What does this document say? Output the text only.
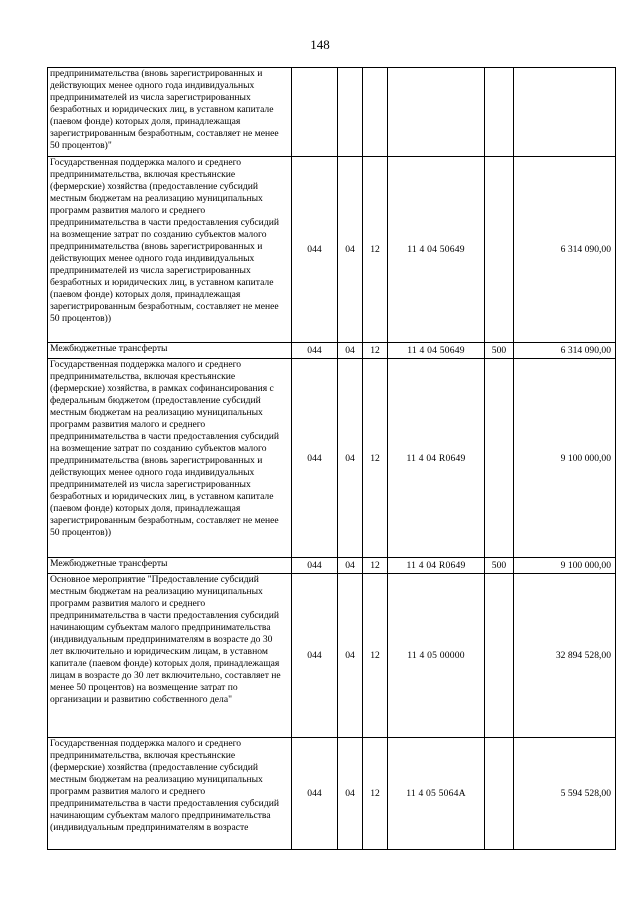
148
предпринимательства (вновь зарегистрированных и действующих менее одного года индивидуальных предпринимателей из числа зарегистрированных безработных и юридических лиц, в уставном капитале (паевом фонде) которых доля, принадлежащая зарегистрированным безработным, составляет не менее 50 процентов)"						
Государственная поддержка малого и среднего предпринимательства, включая крестьянские (фермерские) хозяйства (предоставление субсидий местным бюджетам на реализацию муниципальных программ развития малого и среднего предпринимательства в части предоставления субсидий на возмещение затрат по созданию субъектов малого предпринимательства (вновь зарегистрированных и действующих менее одного года индивидуальных предпринимателей из числа зарегистрированных безработных и юридических лиц, в уставном капитале (паевом фонде) которых доля, принадлежащая зарегистрированным безработным, составляет не менее 50 процентов))	044	04	12	11 4 04 50649		6 314 090,00
Межбюджетные трансферты	044	04	12	11 4 04 50649	500	6 314 090,00
Государственная поддержка малого и среднего предпринимательства, включая крестьянские (фермерские) хозяйства, в рамках софинансирования с федеральным бюджетом (предоставление субсидий местным бюджетам на реализацию муниципальных программ развития малого и среднего предпринимательства в части предоставления субсидий на возмещение затрат по созданию субъектов малого предпринимательства (вновь зарегистрированных и действующих менее одного года индивидуальных предпринимателей из числа зарегистрированных безработных и юридических лиц, в уставном капитале (паевом фонде) которых доля, принадлежащая зарегистрированным безработным, составляет не менее 50 процентов))	044	04	12	11 4 04 R0649		9 100 000,00
Межбюджетные трансферты	044	04	12	11 4 04 R0649	500	9 100 000,00
Основное мероприятие "Предоставление субсидий местным бюджетам на реализацию муниципальных программ развития малого и среднего предпринимательства в части предоставления субсидий начинающим субъектам малого предпринимательства (индивидуальным предпринимателям в возрасте до 30 лет включительно и юридическим лицам, в уставном капитале (паевом фонде) которых доля, принадлежащая лицам в возрасте до 30 лет включительно, составляет не менее 50 процентов) на возмещение затрат по организации и развитию собственного дела"	044	04	12	11 4 05 00000		32 894 528,00
Государственная поддержка малого и среднего предпринимательства, включая крестьянские (фермерские) хозяйства (предоставление субсидий местным бюджетам на реализацию муниципальных программ развития малого и среднего предпринимательства в части предоставления субсидий начинающим субъектам малого предпринимательства (индивидуальным предпринимателям в возрасте	044	04	12	11 4 05 5064А		5 594 528,00
